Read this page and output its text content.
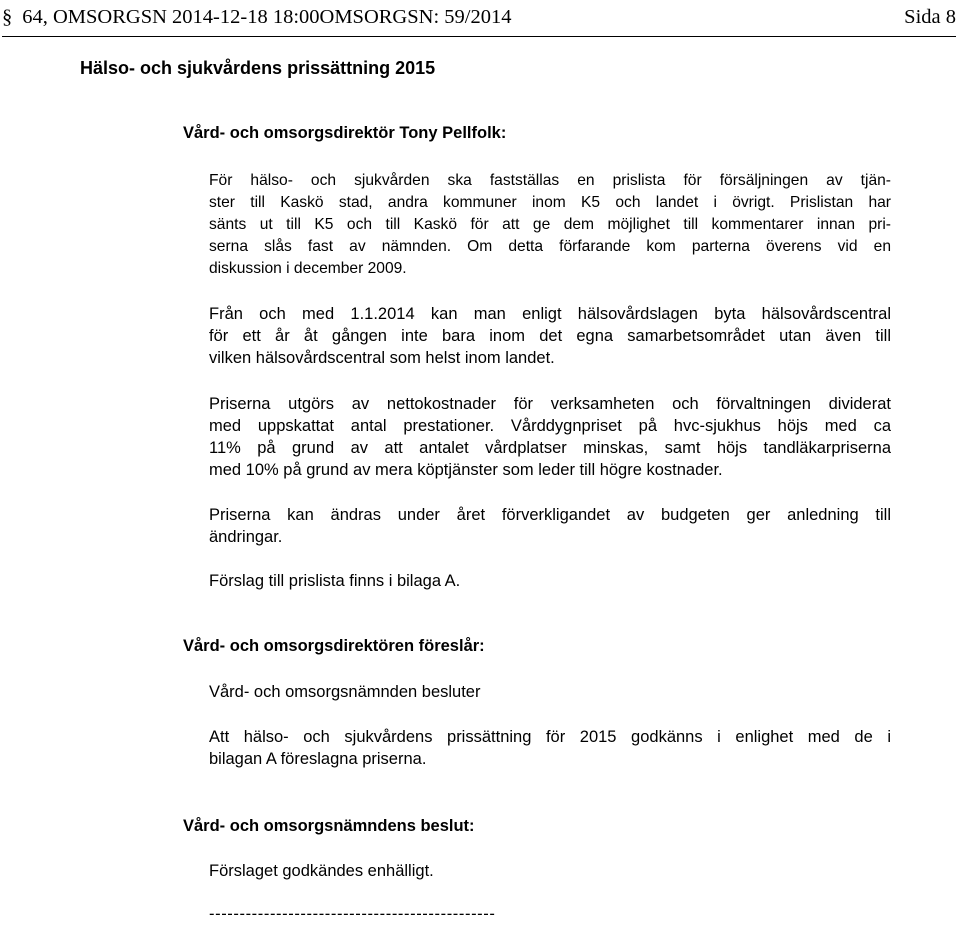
§ 64, OMSORGSN 2014-12-18 18:00OMSORGSN: 59/2014	Sida 8
Hälso- och sjukvårdens prissättning 2015
Vård- och omsorgsdirektör Tony Pellfolk:
För hälso- och sjukvården ska fastställas en prislista för försäljningen av tjän-
ster till Kaskö stad, andra kommuner inom K5 och landet i övrigt. Prislistan har
sänts ut till K5 och till Kaskö för att ge dem möjlighet till kommentarer innan pri-
serna slås fast av nämnden. Om detta förfarande kom parterna överens vid en
diskussion i december 2009.
Från och med 1.1.2014 kan man enligt hälsovårdslagen byta hälsovårdscentral
för ett år åt gången inte bara inom det egna samarbetsområdet utan även till
vilken hälsovårdscentral som helst inom landet.
Priserna utgörs av nettokostnader för verksamheten och förvaltningen dividerat
med uppskattat antal prestationer. Vårddygnpriset på hvc-sjukhus höjs med ca
11% på grund av att antalet vårdplatser minskas, samt höjs tandläkarpriserna
med 10% på grund av mera köptjänster som leder till högre kostnader.
Priserna kan ändras under året förverkligandet av budgeten ger anledning till
ändringar.

Förslag till prislista finns i bilaga A.

Vård- och omsorgsdirektören föreslår:

Vård- och omsorgsnämnden besluter

Att hälso- och sjukvårdens prissättning för 2015 godkänns i enlighet med de i
bilagan A föreslagna priserna.
Vård- och omsorgsnämndens beslut:

Förslaget godkändes enhälligt.

-----------------------------------------------
